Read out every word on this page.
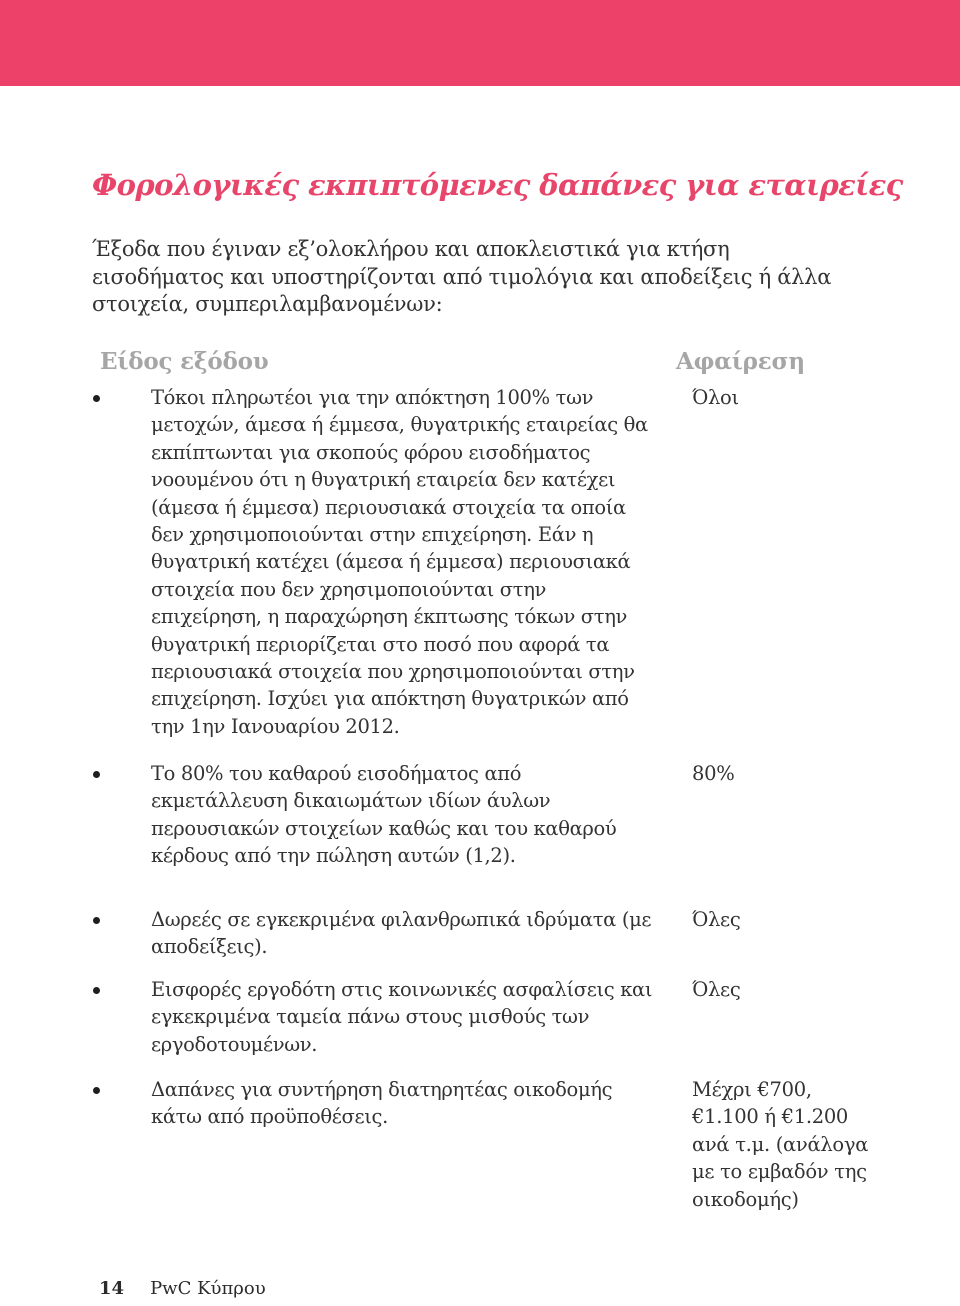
Φορολογικές εκπιπτόμενες δαπάνες για εταιρείες

Έξοδα που έγιναν εξ’ολοκλήρου και αποκλειστικά για κτήση εισοδήματος και υποστηρίζονται από τιμολόγια και αποδείξεις ή άλλα στοιχεία, συμπεριλαμβανομένων:

Είδος εξόδου	Αφαίρεση

Τόκοι πληρωτέοι για την απόκτηση 100% των μετοχών, άμεσα ή έμμεσα, θυγατρικής εταιρείας θα εκπίπτωνται για σκοπούς φόρου εισοδήματος νοουμένου ότι η θυγατρική εταιρεία δεν κατέχει (άμεσα ή έμμεσα) περιουσιακά στοιχεία τα οποία δεν χρησιμοποιούνται στην επιχείρηση. Εάν η θυγατρική κατέχει (άμεσα ή έμμεσα) περιουσιακά στοιχεία που δεν χρησιμοποιούνται στην επιχείρηση, η παραχώρηση έκπτωσης τόκων στην θυγατρική περιορίζεται στο ποσό που αφορά τα περιουσιακά στοιχεία που χρησιμοποιούνται στην επιχείρηση. Ισχύει για απόκτηση θυγατρικών από την 1ην Ιανουαρίου 2012.

Όλοι

Το 80% του καθαρού εισοδήματος από εκμετάλλευση δικαιωμάτων ιδίων άυλων περουσιακών στοιχείων καθώς και του καθαρού κέρδους από την πώληση αυτών (1,2).

80%

Δωρεές σε εγκεκριμένα φιλανθρωπικά ιδρύματα (με αποδείξεις).

Όλες

Εισφορές εργοδότη στις κοινωνικές ασφαλίσεις και εγκεκριμένα ταμεία πάνω στους μισθούς των εργοδοτουμένων.

Όλες

Δαπάνες για συντήρηση διατηρητέας οικοδομής κάτω από προϋποθέσεις.

Μέχρι €700, €1.100 ή €1.200 ανά τ.μ. (ανάλογα με το εμβαδόν της οικοδομής)

14 PwC Κύπρου
